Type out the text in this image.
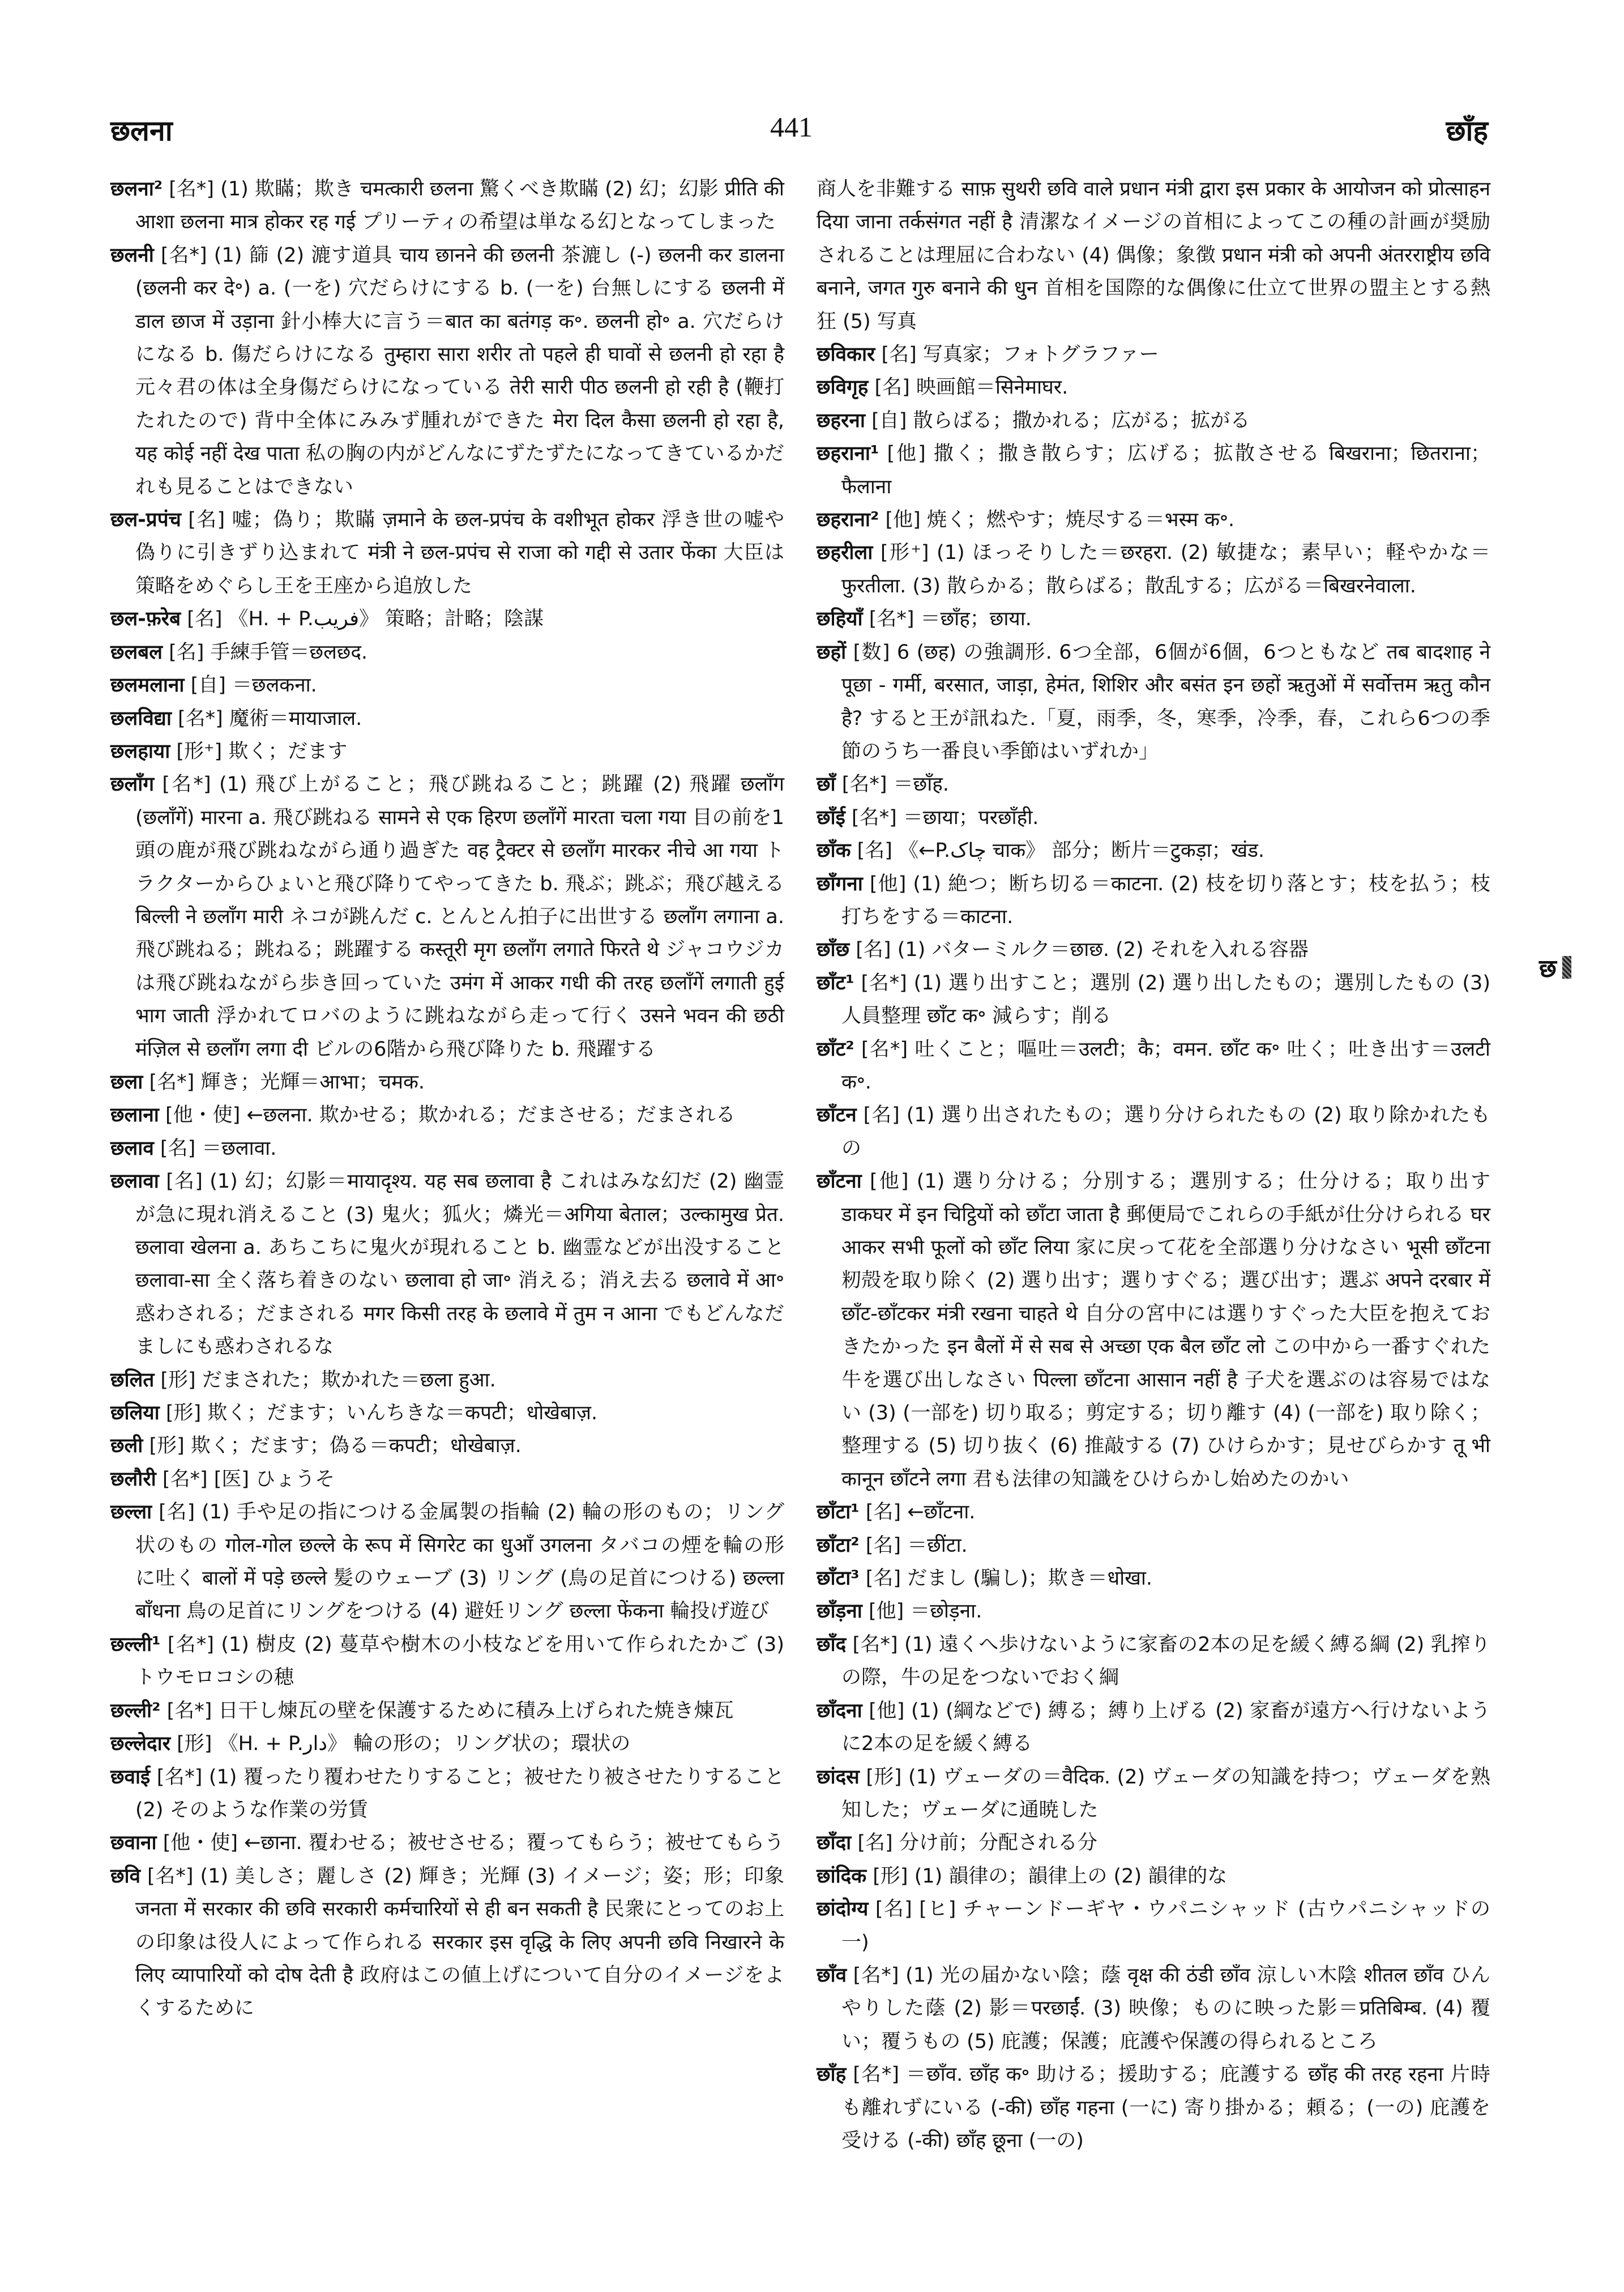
छलना	441	छाँह

छलना² [名*] (1) 欺瞞；欺き चमत्कारी छलना 驚くべき欺瞞 (2) 幻；幻影 प्रीति की आशा छलना मात्र होकर रह गई プリーティの希望は単なる幻となってしまった

छलनी [名*] (1) 篩 (2) 漉す道具 चाय छानने की छलनी 茶漉し (-) छलनी कर डालना (छलनी कर दे॰) a. (一を) 穴だらけにする b. (一を) 台無しにする छलनी में डाल छाज में उड़ाना 針小棒大に言う＝बात का बतंगड़ क॰. छलनी हो॰ a. 穴だらけになる b. 傷だらけになる तुम्हारा सारा शरीर तो पहले ही घावों से छलनी हो रहा है 元々君の体は全身傷だらけになっている तेरी सारी पीठ छलनी हो रही है (鞭打たれたので) 背中全体にみみず腫れができた मेरा दिल कैसा छलनी हो रहा है, यह कोई नहीं देख पाता 私の胸の内がどんなにずたずたになってきているかだれも見ることはできない

छल-प्रपंच [名] 嘘；偽り；欺瞞 ज़माने के छल-प्रपंच के वशीभूत होकर 浮き世の嘘や偽りに引きずり込まれて मंत्री ने छल-प्रपंच से राजा को गद्दी से उतार फेंका 大臣は策略をめぐらし王を王座から追放した

छल-फ़रेब [名] 《H. + P.فریب》 策略；計略；陰謀

छलबल [名] 手練手管＝छलछद.

छलमलाना [自] ＝छलकना.

छलविद्या [名*] 魔術＝मायाजाल.

छलहाया [形⁺] 欺く；だます

छलाँग [名*] (1) 飛び上がること；飛び跳ねること；跳躍 (2) 飛躍 छलाँग (छलाँगें) मारना a. 飛び跳ねる सामने से एक हिरण छलाँगें मारता चला गया 目の前を1頭の鹿が飛び跳ねながら通り過ぎた वह ट्रैक्टर से छलाँग मारकर नीचे आ गया トラクターからひょいと飛び降りてやってきた b. 飛ぶ；跳ぶ；飛び越える बिल्ली ने छलाँग मारी ネコが跳んだ c. とんとん拍子に出世する छलाँग लगाना a. 飛び跳ねる；跳ねる；跳躍する कस्तूरी मृग छलाँग लगाते फिरते थे ジャコウジカは飛び跳ねながら歩き回っていた उमंग में आकर गधी की तरह छलाँगें लगाती हुई भाग जाती 浮かれてロバのように跳ねながら走って行く उसने भवन की छठी मंज़िल से छलाँग लगा दी ビルの6階から飛び降りた b. 飛躍する

छला [名*] 輝き；光輝＝आभा；चमक.

छलाना [他・使] ←छलना. 欺かせる；欺かれる；だまさせる；だまされる

छलाव [名] ＝छलावा.

छलावा [名] (1) 幻；幻影＝मायादृश्य. यह सब छलावा है これはみな幻だ (2) 幽霊が急に現れ消えること (3) 鬼火；狐火；燐光＝अगिया बेताल；उल्कामुख प्रेत. छलावा खेलना a. あちこちに鬼火が現れること b. 幽霊などが出没すること छलावा-सा 全く落ち着きのない छलावा हो जा॰ 消える；消え去る छलावे में आ॰ 惑わされる；だまされる मगर किसी तरह के छलावे में तुम न आना でもどんなだましにも惑わされるな

छलित [形] だまされた；欺かれた＝छला हुआ.

छलिया [形] 欺く；だます；いんちきな＝कपटी；धोखेबाज़.

छली [形] 欺く；だます；偽る＝कपटी；धोखेबाज़.

छलौरी [名*] [医] ひょうそ

छल्ला [名] (1) 手や足の指につける金属製の指輪 (2) 輪の形のもの；リング状のもの गोल-गोल छल्ले के रूप में सिगरेट का धुआँ उगलना タバコの煙を輪の形に吐く बालों में पड़े छल्ले 髪のウェーブ (3) リング (鳥の足首につける) छल्ला बाँधना 鳥の足首にリングをつける (4) 避妊リング छल्ला फेंकना 輪投げ遊び

छल्ली¹ [名*] (1) 樹皮 (2) 蔓草や樹木の小枝などを用いて作られたかご (3) トウモロコシの穂

छल्ली² [名*] 日干し煉瓦の壁を保護するために積み上げられた焼き煉瓦

छल्लेदार [形] 《H. + P.دار》 輪の形の；リング状の；環状の

छवाई [名*] (1) 覆ったり覆わせたりすること；被せたり被させたりすること (2) そのような作業の労賃

छवाना [他・使] ←छाना. 覆わせる；被せさせる；覆ってもらう；被せてもらう

छवि [名*] (1) 美しさ；麗しさ (2) 輝き；光輝 (3) イメージ；姿；形；印象 जनता में सरकार की छवि सरकारी कर्मचारियों से ही बन सकती है 民衆にとってのお上の印象は役人によって作られる सरकार इस वृद्धि के लिए अपनी छवि निखारने के लिए व्यापारियों को दोष देती है 政府はこの値上げについて自分のイメージをよくするために

商人を非難する साफ़ सुथरी छवि वाले प्रधान मंत्री द्वारा इस प्रकार के आयोजन को प्रोत्साहन दिया जाना तर्कसंगत नहीं है 清潔なイメージの首相によってこの種の計画が奨励されることは理屈に合わない (4) 偶像；象徴 प्रधान मंत्री को अपनी अंतरराष्ट्रीय छवि बनाने, जगत गुरु बनाने की धुन 首相を国際的な偶像に仕立て世界の盟主とする熱狂 (5) 写真

छविकार [名] 写真家；フォトグラファー

छविगृह [名] 映画館＝सिनेमाघर.

छहरना [自] 散らばる；撒かれる；広がる；拡がる

छहराना¹ [他] 撒く；撒き散らす；広げる；拡散させる बिखराना；छितराना；फैलाना

छहराना² [他] 焼く；燃やす；焼尽する＝भस्म क॰.

छहरीला [形⁺] (1) ほっそりした＝छरहरा. (2) 敏捷な；素早い；軽やかな＝फुरतीला. (3) 散らかる；散らばる；散乱する；広がる＝बिखरनेवाला.

छहियाँ [名*] ＝छाँह；छाया.

छहों [数] 6 (छह) の強調形. 6つ全部，6個が6個，6つともなど तब बादशाह ने पूछा - गर्मी, बरसात, जाड़ा, हेमंत, शिशिर और बसंत इन छहों ऋतुओं में सर्वोत्तम ऋतु कौन है? すると王が訊ねた.「夏，雨季，冬，寒季，冷季，春，これら6つの季節のうち一番良い季節はいずれか」

छाँ [名*] ＝छाँह.

छाँई [名*] ＝छाया；परछाँही.

छाँक [名] 《←P.چاک चाक》 部分；断片＝टुकड़ा；खंड.

छाँगना [他] (1) 絶つ；断ち切る＝काटना. (2) 枝を切り落とす；枝を払う；枝打ちをする＝काटना.

छाँछ [名] (1) バターミルク＝छाछ. (2) それを入れる容器

छाँट¹ [名*] (1) 選り出すこと；選別 (2) 選り出したもの；選別したもの (3) 人員整理 छाँट क॰ 減らす；削る

छाँट² [名*] 吐くこと；嘔吐＝उलटी；कै；वमन. छाँट क॰ 吐く；吐き出す＝उलटी क॰.

छाँटन [名] (1) 選り出されたもの；選り分けられたもの (2) 取り除かれたもの

छाँटना [他] (1) 選り分ける；分別する；選別する；仕分ける；取り出す डाकघर में इन चिट्ठियों को छाँटा जाता है 郵便局でこれらの手紙が仕分けられる घर आकर सभी फूलों को छाँट लिया 家に戻って花を全部選り分けなさい भूसी छाँटना 籾殻を取り除く (2) 選り出す；選りすぐる；選び出す；選ぶ अपने दरबार में छाँट-छाँटकर मंत्री रखना चाहते थे 自分の宮中には選りすぐった大臣を抱えておきたかった इन बैलों में से सब से अच्छा एक बैल छाँट लो この中から一番すぐれた牛を選び出しなさい पिल्ला छाँटना आसान नहीं है 子犬を選ぶのは容易ではない (3) (一部を) 切り取る；剪定する；切り離す (4) (一部を) 取り除く；整理する (5) 切り抜く (6) 推敲する (7) ひけらかす；見せびらかす तू भी कानून छाँटने लगा 君も法律の知識をひけらかし始めたのかい

छाँटा¹ [名] ←छाँटना.

छाँटा² [名] ＝छींटा.

छाँटा³ [名] だまし (騙し)；欺き＝धोखा.

छाँड़ना [他] ＝छोड़ना.

छाँद [名*] (1) 遠くへ歩けないように家畜の2本の足を緩く縛る綱 (2) 乳搾りの際，牛の足をつないでおく綱

छाँदना [他] (1) (綱などで) 縛る；縛り上げる (2) 家畜が遠方へ行けないように2本の足を緩く縛る

छांदस [形] (1) ヴェーダの＝वैदिक. (2) ヴェーダの知識を持つ；ヴェーダを熟知した；ヴェーダに通暁した

छाँदा [名] 分け前；分配される分

छांदिक [形] (1) 韻律の；韻律上の (2) 韻律的な

छांदोग्य [名] [ヒ] チャーンドーギヤ・ウパニシャッド (古ウパニシャッドの一)

छाँव [名*] (1) 光の届かない陰；蔭 वृक्ष की ठंडी छाँव 涼しい木陰 शीतल छाँव ひんやりした蔭 (2) 影＝परछाईं. (3) 映像；ものに映った影＝प्रतिबिम्ब. (4) 覆い；覆うもの (5) 庇護；保護；庇護や保護の得られるところ

छाँह [名*] ＝छाँव. छाँह क॰ 助ける；援助する；庇護する छाँह की तरह रहना 片時も離れずにいる (-की) छाँह गहना (一に) 寄り掛かる；頼る；(一の) 庇護を受ける (-की) छाँह छूना (一の)

छ
